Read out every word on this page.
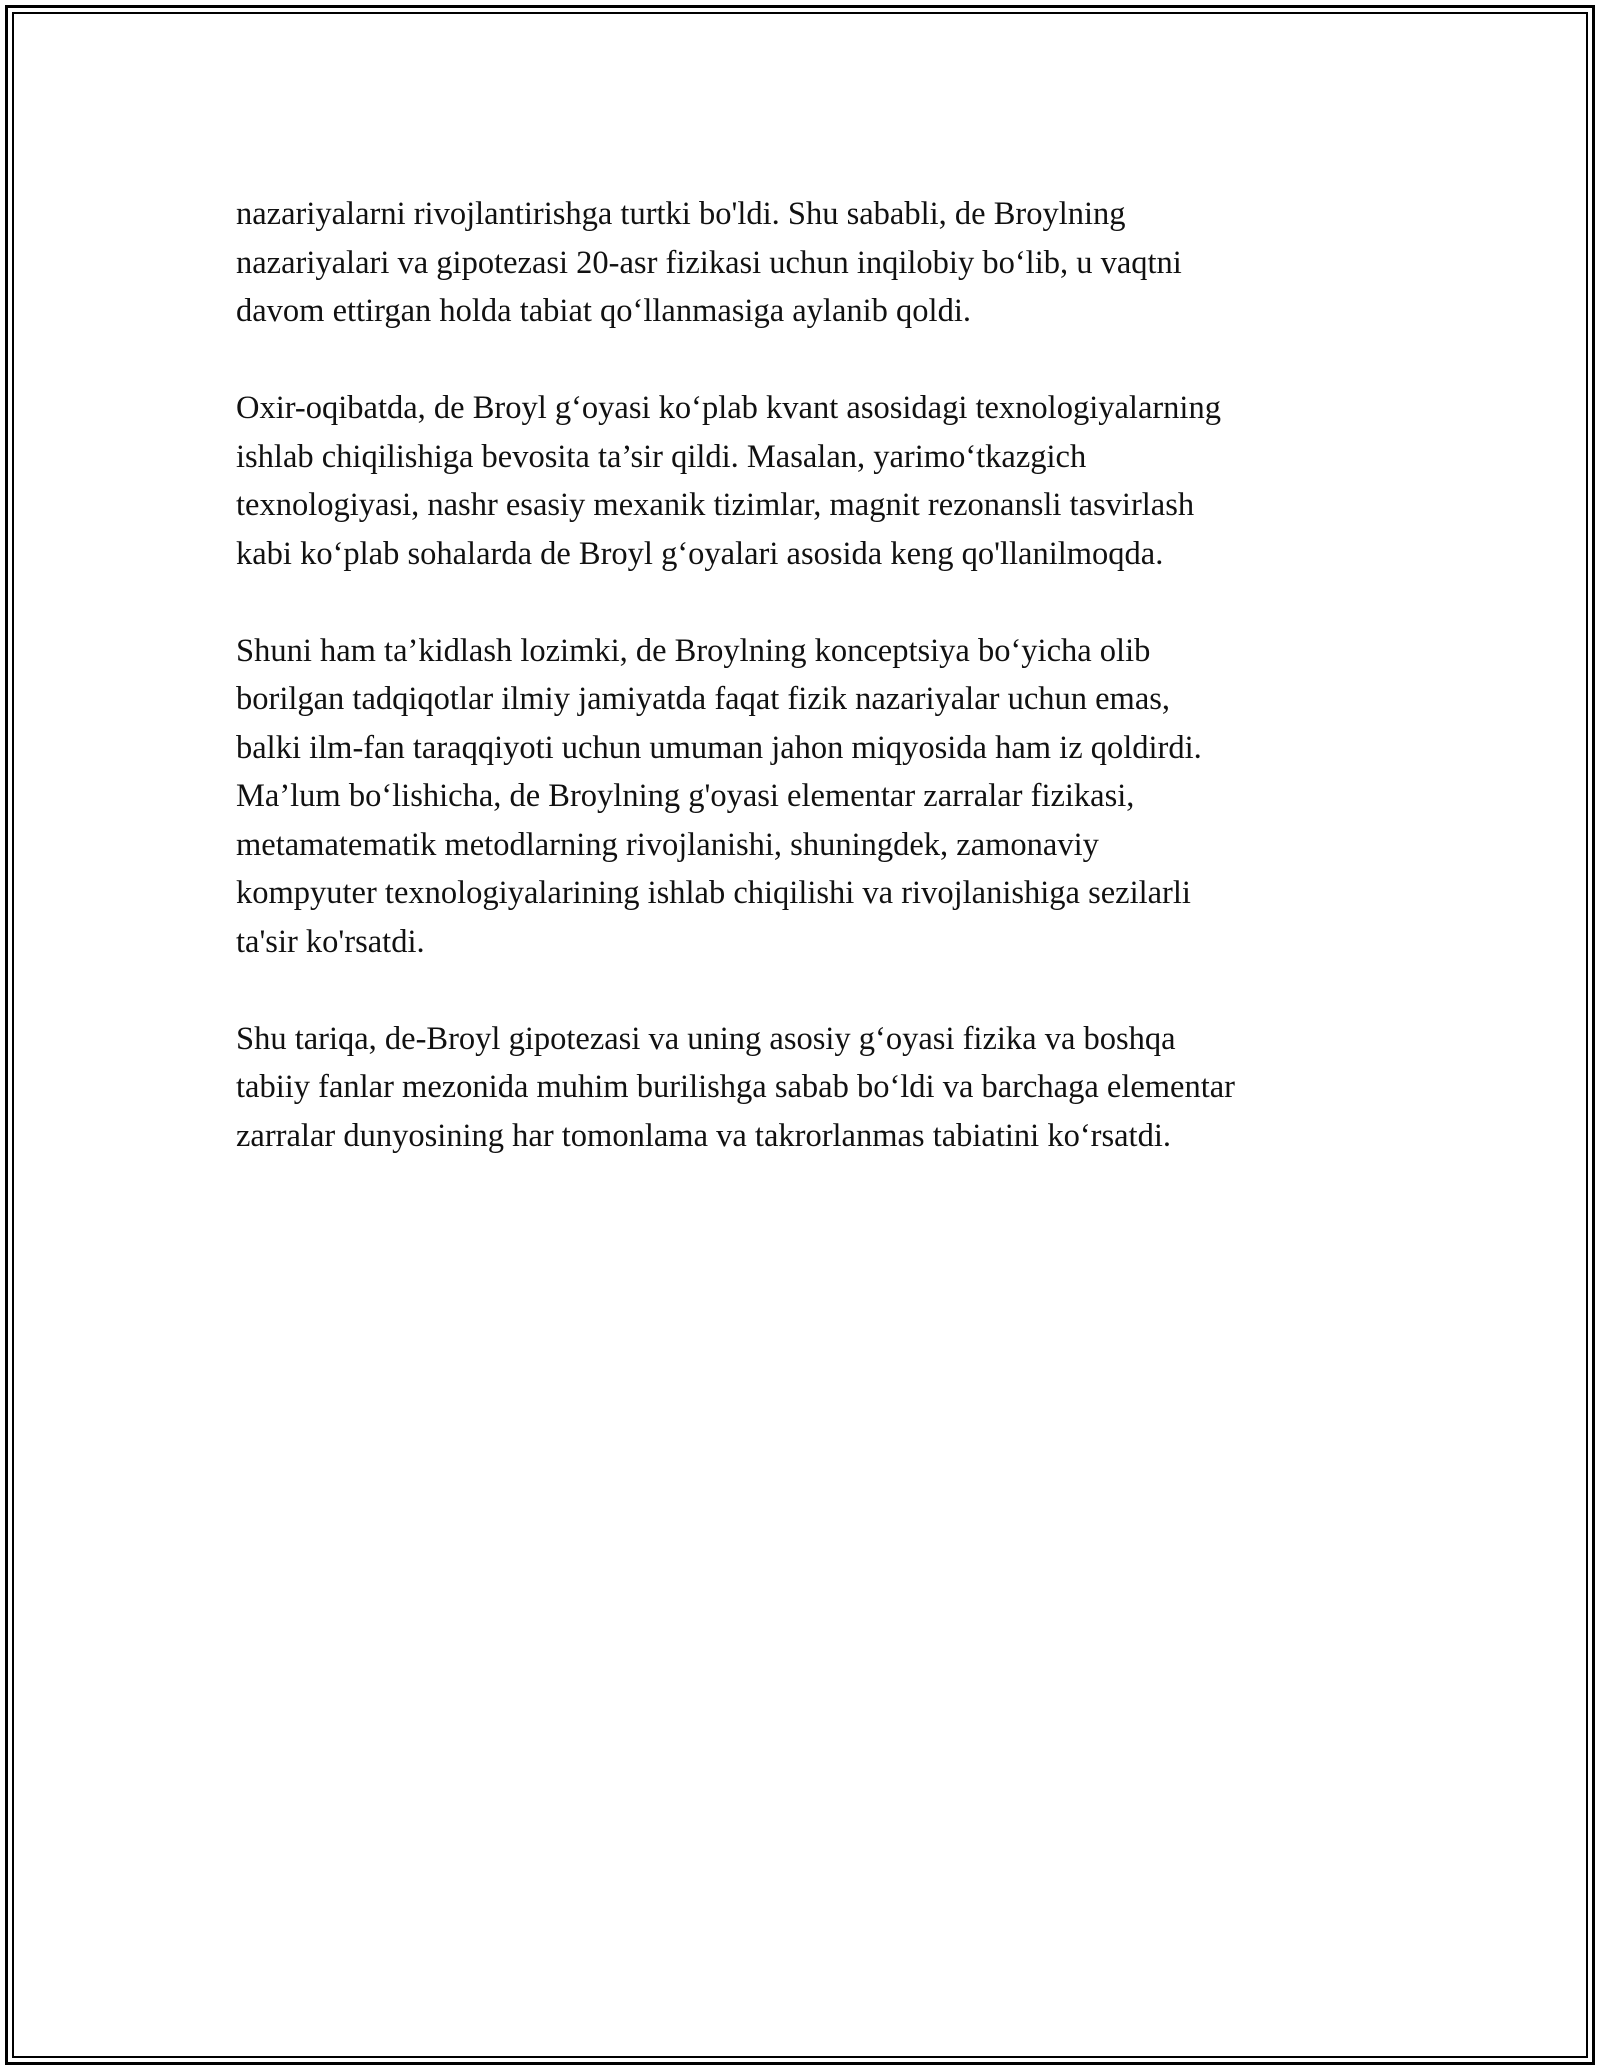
nazariyalarni rivojlantirishga turtki bo'ldi. Shu sababli, de Broylning
nazariyalari va gipotezasi 20-asr fizikasi uchun inqilobiy bo‘lib, u vaqtni
davom ettirgan holda tabiat qo‘llanmasiga aylanib qoldi.
Oxir-oqibatda, de Broyl g‘oyasi ko‘plab kvant asosidagi texnologiyalarning
ishlab chiqilishiga bevosita ta’sir qildi. Masalan, yarimo‘tkazgich
texnologiyasi, nashr esasiy mexanik tizimlar, magnit rezonansli tasvirlash
kabi ko‘plab sohalarda de Broyl g‘oyalari asosida keng qo'llanilmoqda.
Shuni ham ta’kidlash lozimki, de Broylning konceptsiya bo‘yicha olib
borilgan tadqiqotlar ilmiy jamiyatda faqat fizik nazariyalar uchun emas,
balki ilm-fan taraqqiyoti uchun umuman jahon miqyosida ham iz qoldirdi.
Ma’lum bo‘lishicha, de Broylning g'oyasi elementar zarralar fizikasi,
metamatematik metodlarning rivojlanishi, shuningdek, zamonaviy
kompyuter texnologiyalarining ishlab chiqilishi va rivojlanishiga sezilarli
ta'sir ko'rsatdi.
Shu tariqa, de-Broyl gipotezasi va uning asosiy g‘oyasi fizika va boshqa
tabiiy fanlar mezonida muhim burilishga sabab bo‘ldi va barchaga elementar
zarralar dunyosining har tomonlama va takrorlanmas tabiatini ko‘rsatdi.
